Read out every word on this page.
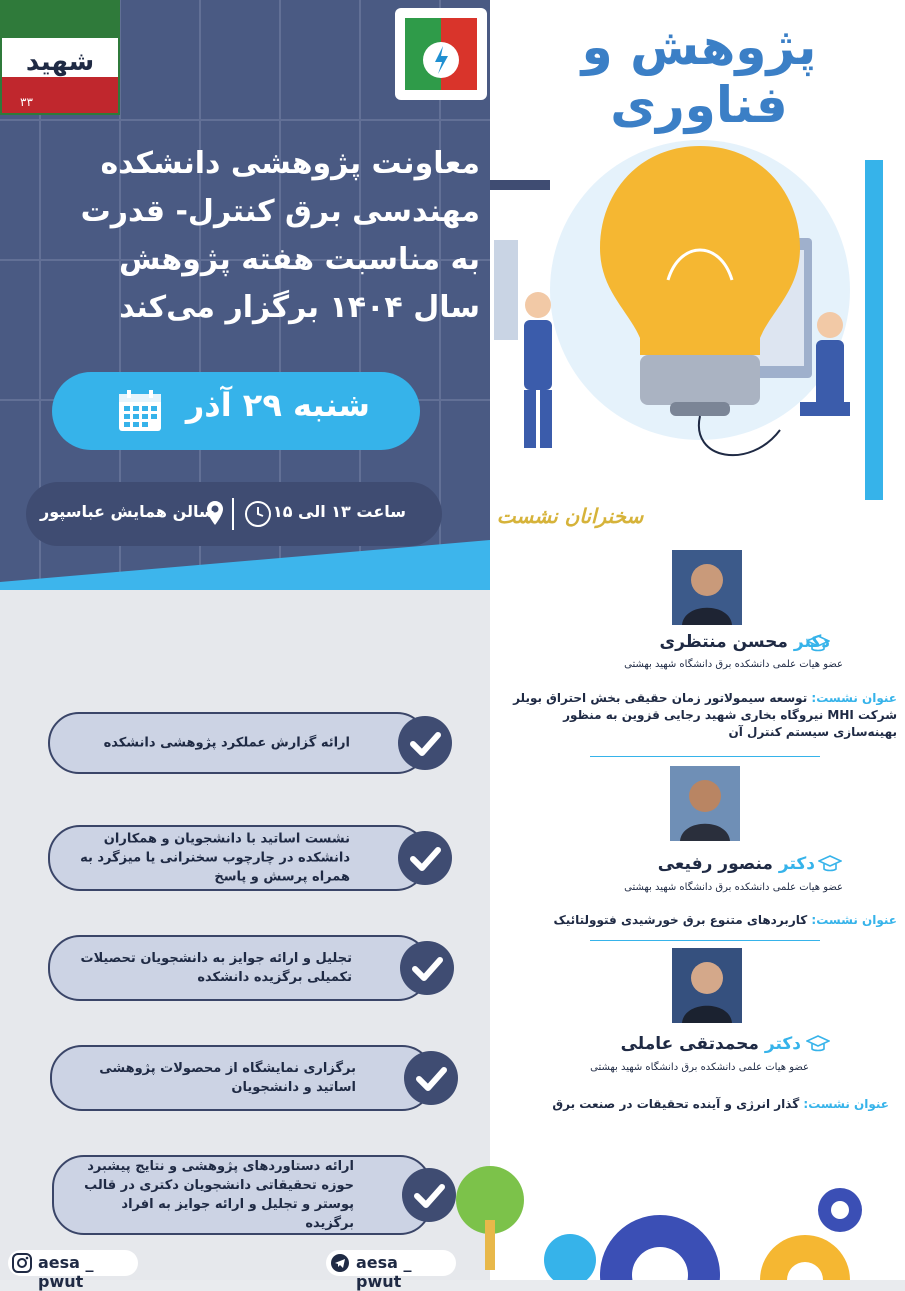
شهید
۳۳
معاونت پژوهشی دانشکده
مهندسی برق کنترل- قدرت
به مناسبت هفته پژوهش
سال ۱۴۰۴ برگزار می‌کند
شنبه ۲۹ آذر
ساعت ۱۳ الی ۱۵
سالن همایش عباسپور
ارائه گزارش عملکرد پژوهشی دانشکده
نشست اساتید با دانشجویان و همکاران دانشکده در چارچوب سخنرانی یا میزگرد به همراه پرسش و پاسخ
تجلیل و ارائه جوایز به دانشجویان تحصیلات تکمیلی برگزیده دانشکده
برگزاری نمایشگاه از محصولات پژوهشی اساتید و دانشجویان
ارائه دستاوردهای پژوهشی و نتایج پیشبرد حوزه تحقیقاتی دانشجویان دکتری در قالب پوستر و تجلیل و ارائه جوایز به افراد برگزیده
aesa _ pwut
aesa _ pwut
پژوهش و فناوری
سخنرانان نشست
دکتر محسن منتظری
عضو هیات علمی دانشکده برق دانشگاه شهید بهشتی
عنوان نشست: توسعه سیمولاتور زمان حقیقی بخش احتراق بویلر شرکت MHI نیروگاه بخاری شهید رجایی قزوین به منظور بهینه‌سازی سیستم کنترل آن
دکتر منصور رفیعی
عضو هیات علمی دانشکده برق دانشگاه شهید بهشتی
عنوان نشست: کاربردهای متنوع برق خورشیدی فتوولتائیک
دکتر محمدتقی عاملی
عضو هیات علمی دانشکده برق دانشگاه شهید بهشتی
عنوان نشست: گذار انرژی و آینده تحقیقات در صنعت برق
